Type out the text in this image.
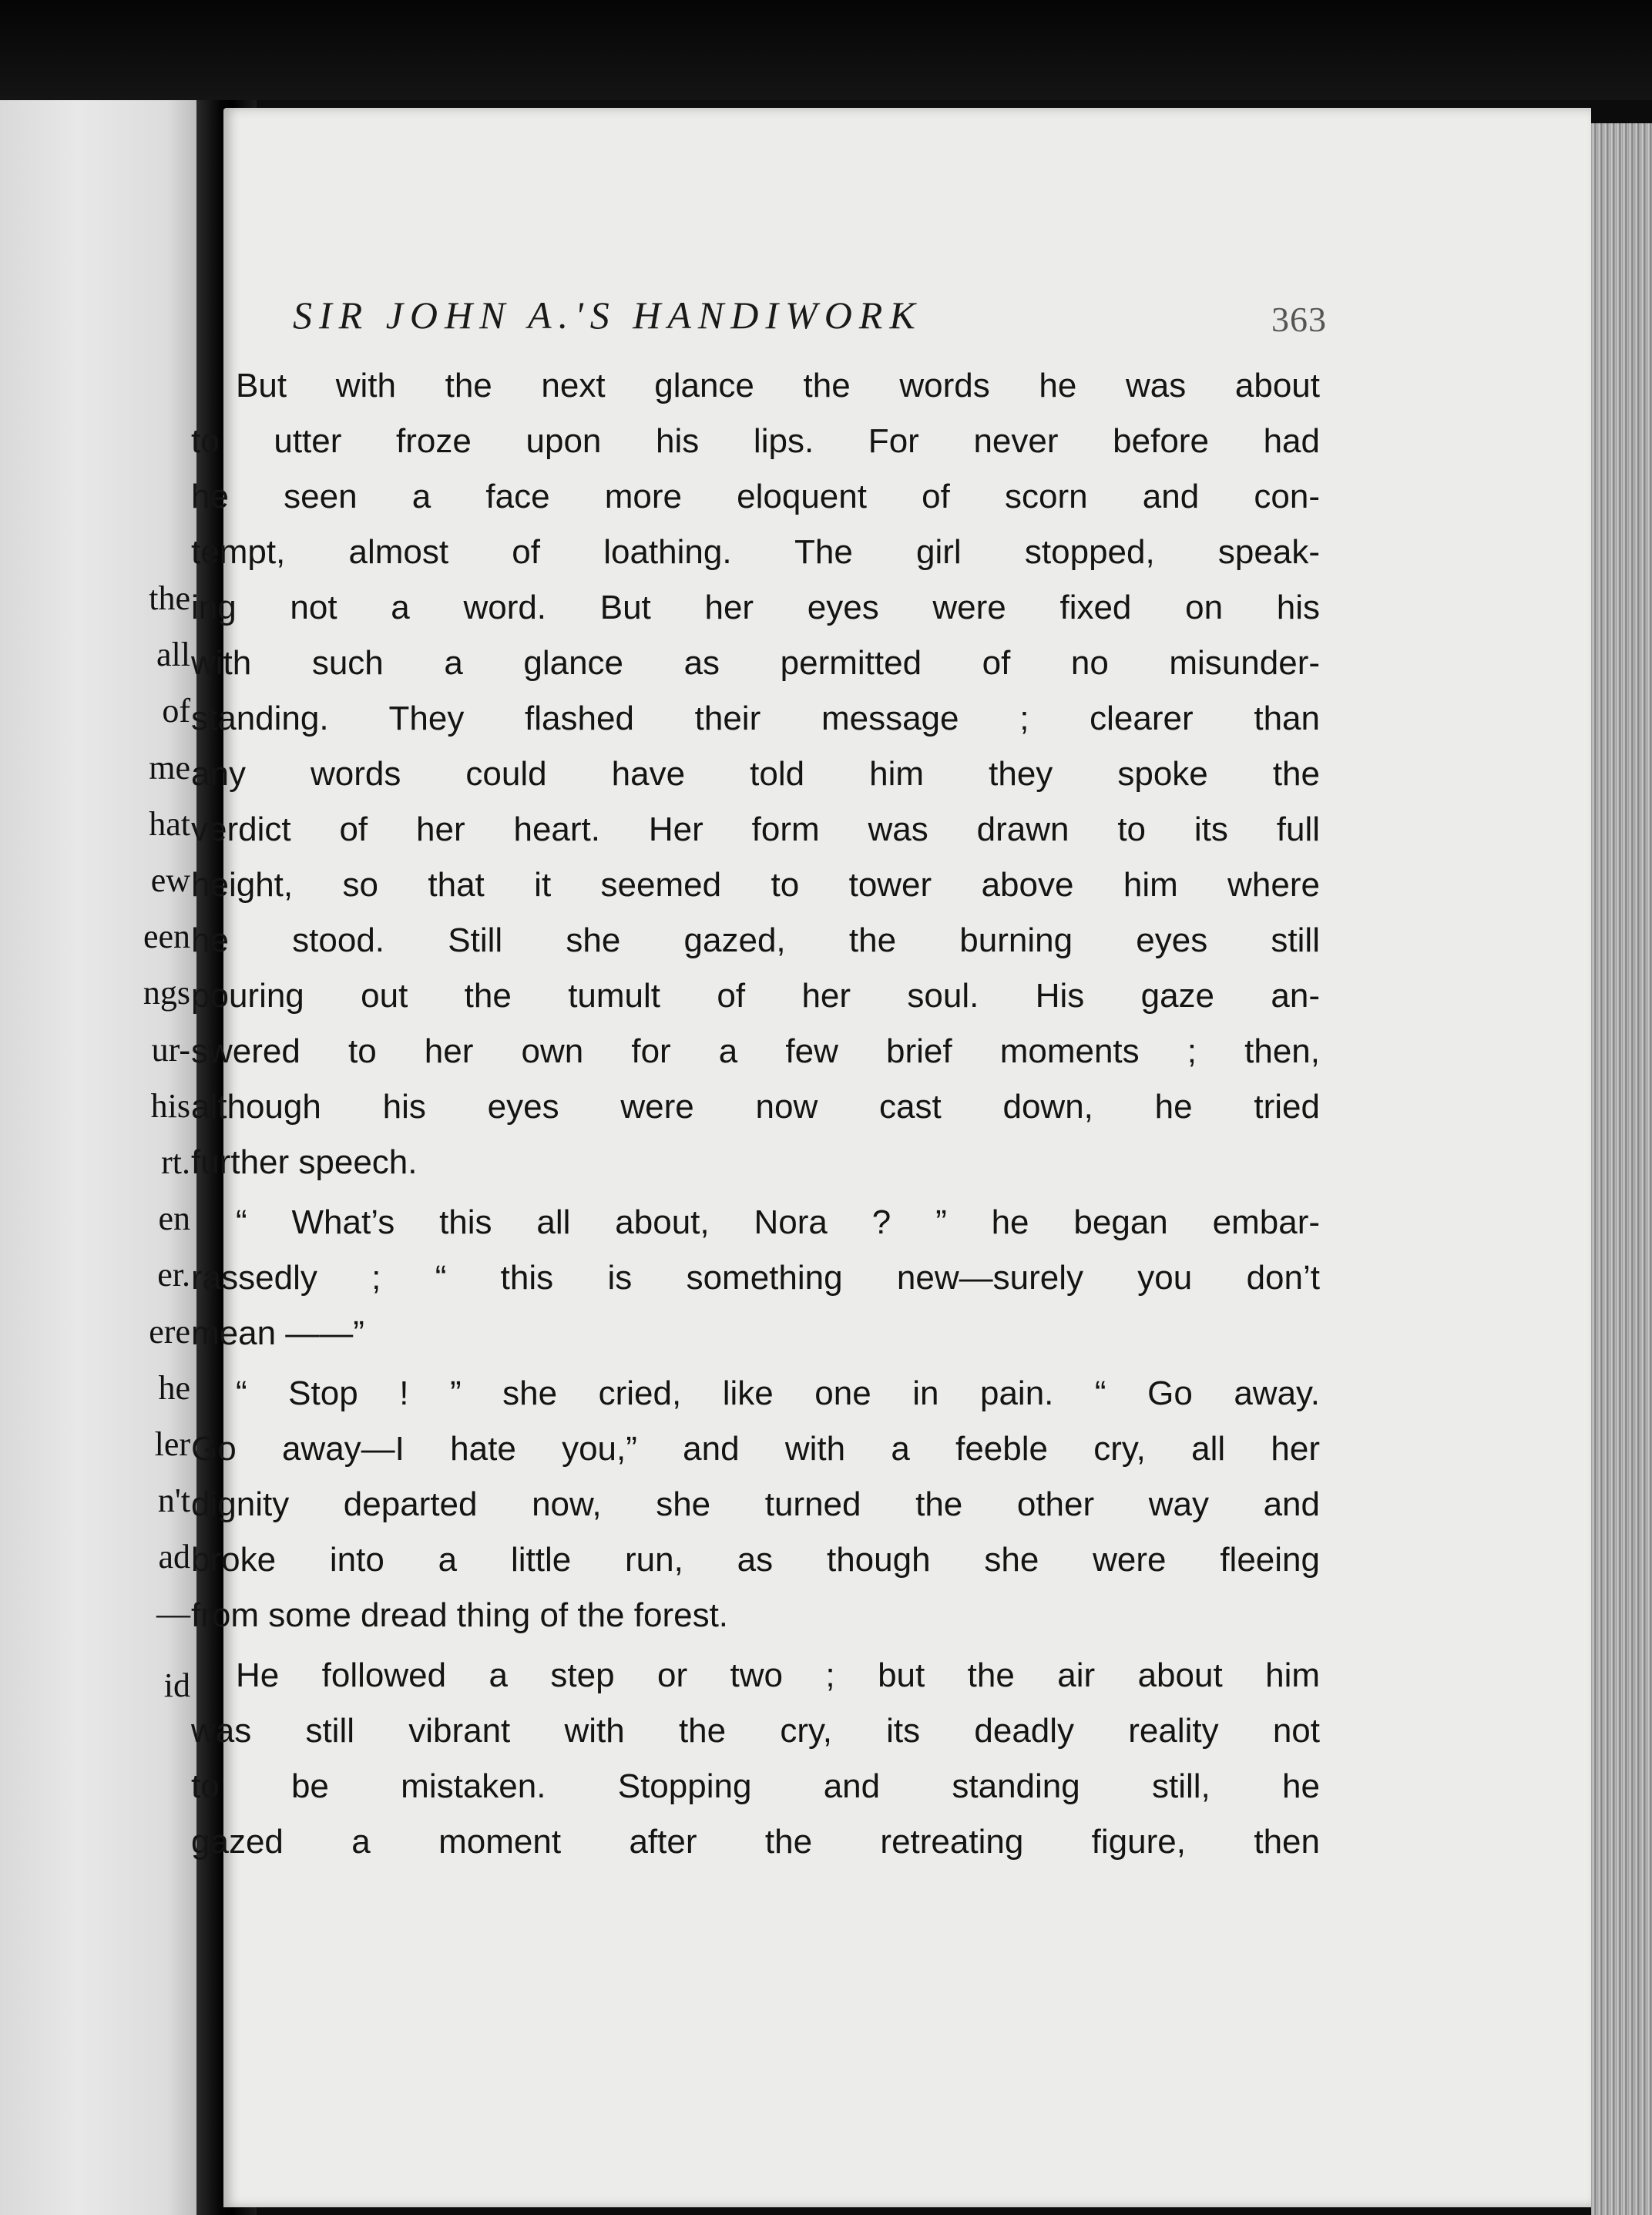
the
all
of
me
hat
ew
een
ngs
ur-
his
rt.
en
er.
ere
he
ler
n't
ad
—
id
SIR JOHN A.'S HANDIWORK	363

But with the next glance the words he was about

to utter froze upon his lips. For never before had

he seen a face more eloquent of scorn and con-

tempt, almost of loathing. The girl stopped, speak-

ing not a word. But her eyes were fixed on his

with such a glance as permitted of no misunder-

standing. They flashed their message ; clearer than

any words could have told him they spoke the

verdict of her heart. Her form was drawn to its full

height, so that it seemed to tower above him where

he stood. Still she gazed, the burning eyes still

pouring out the tumult of her soul. His gaze an-

swered to her own for a few brief moments ; then,

although his eyes were now cast down, he tried

further speech.

“ What’s this all about, Nora ? ” he began embar-

rassedly ; “ this is something new—surely you don’t

mean ——”

“ Stop ! ” she cried, like one in pain. “ Go away.

Go away—I hate you,” and with a feeble cry, all her

dignity departed now, she turned the other way and

broke into a little run, as though she were fleeing

from some dread thing of the forest.

He followed a step or two ; but the air about him

was still vibrant with the cry, its deadly reality not

to be mistaken. Stopping and standing still, he

gazed a moment after the retreating figure, then
